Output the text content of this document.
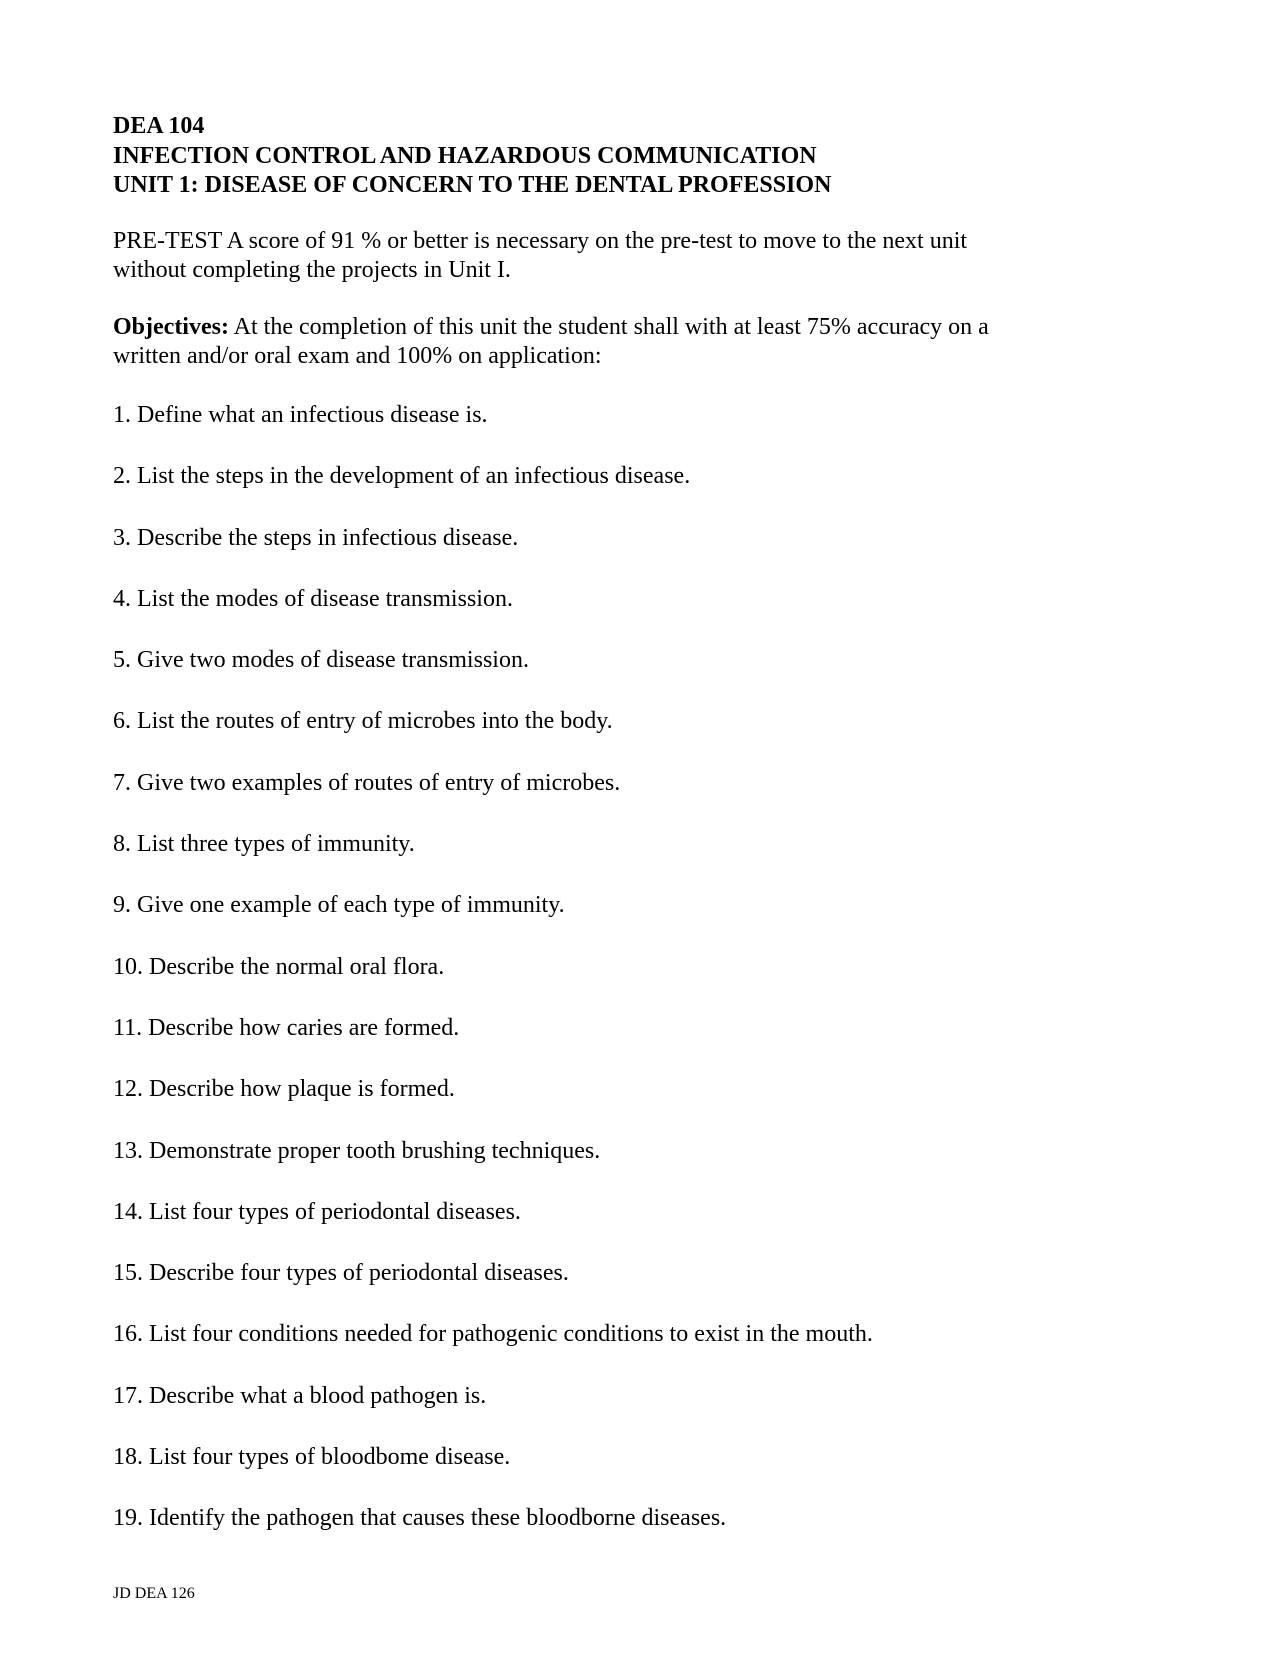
DEA 104
INFECTION CONTROL AND HAZARDOUS COMMUNICATION
UNIT 1: DISEASE OF CONCERN TO THE DENTAL PROFESSION
PRE-TEST A score of 91 % or better is necessary on the pre-test to move to the next unit
without completing the projects in Unit I.
Objectives: At the completion of this unit the student shall with at least 75% accuracy on a
written and/or oral exam and 100% on application:
1. Define what an infectious disease is.
2. List the steps in the development of an infectious disease.
3. Describe the steps in infectious disease.
4. List the modes of disease transmission.
5. Give two modes of disease transmission.
6. List the routes of entry of microbes into the body.
7. Give two examples of routes of entry of microbes.
8. List three types of immunity.
9. Give one example of each type of immunity.
10. Describe the normal oral flora.
11. Describe how caries are formed.
12. Describe how plaque is formed.
13. Demonstrate proper tooth brushing techniques.
14. List four types of periodontal diseases.
15. Describe four types of periodontal diseases.
16. List four conditions needed for pathogenic conditions to exist in the mouth.
17. Describe what a blood pathogen is.
18. List four types of bloodbome disease.
19. Identify the pathogen that causes these bloodborne diseases.
JD DEA 126
